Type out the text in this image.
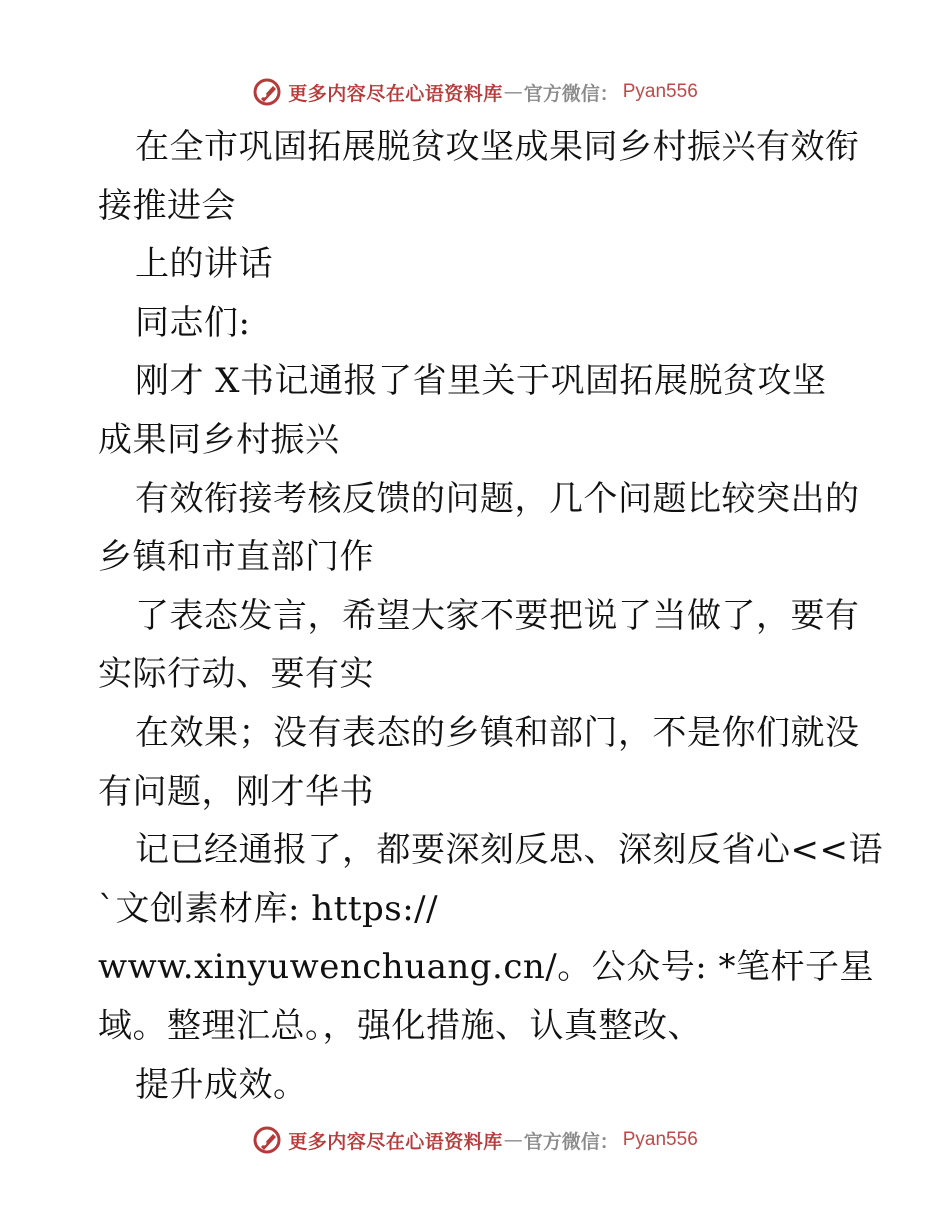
更多内容尽在心语资料库 — 官方微信： Pyan556
在全市巩固拓展脱贫攻坚成果同乡村振兴有效衔
接推进会
上的讲话
同志们:
刚才 X书记通报了省里关于巩固拓展脱贫攻坚
成果同乡村振兴
有效衔接考核反馈的问题，几个问题比较突出的
乡镇和市直部门作
了表态发言，希望大家不要把说了当做了，要有
实际行动、要有实
在效果；没有表态的乡镇和部门，不是你们就没
有问题，刚才华书
记已经通报了，都要深刻反思、深刻反省心<<语
`文创素材库: https://
www.xinyuwenchuang.cn/。公众号: *笔杆子星
域。整理汇总。，强化措施、认真整改、
提升成效。
更多内容尽在心语资料库 — 官方微信： Pyan556
